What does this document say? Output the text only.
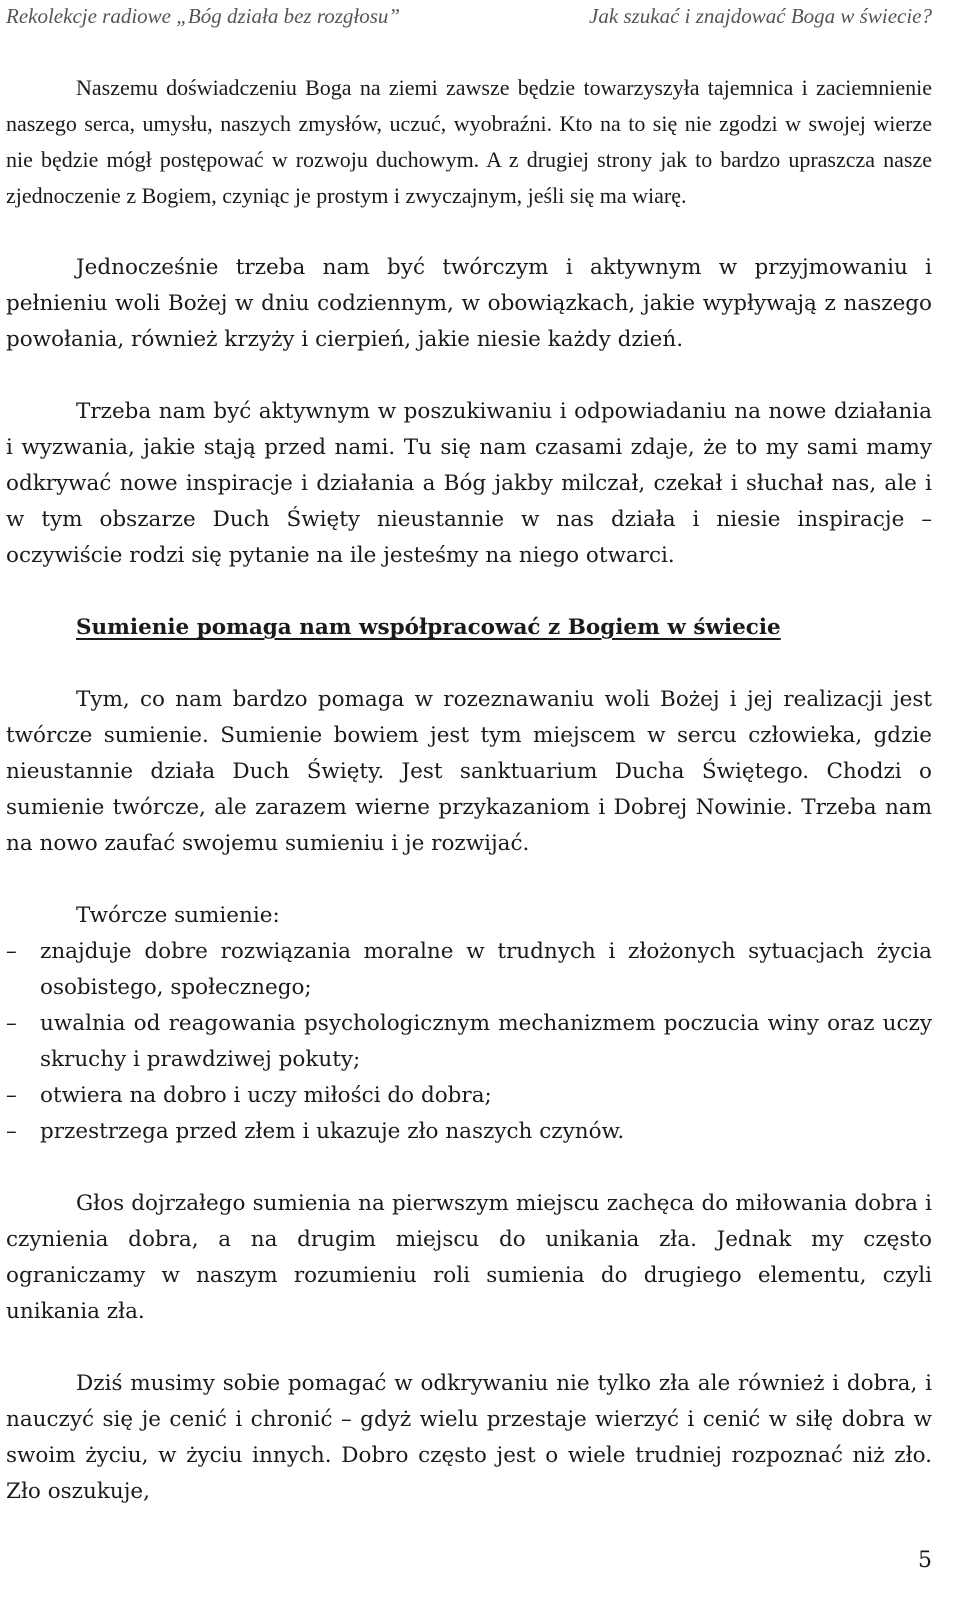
Rekolekcje radiowe „Bóg działa bez rozgłosu”	Jak szukać i znajdować Boga w świecie?

Naszemu doświadczeniu Boga na ziemi zawsze będzie towarzyszyła tajemnica i zaciemnienie naszego serca, umysłu, naszych zmysłów, uczuć, wyobraźni. Kto na to się nie zgodzi w swojej wierze nie będzie mógł postępować w rozwoju duchowym. A z drugiej strony jak to bardzo upraszcza nasze zjednoczenie z Bogiem, czyniąc je prostym i zwyczajnym, jeśli się ma wiarę.

Jednocześnie trzeba nam być twórczym i aktywnym w przyjmowaniu i pełnieniu woli Bożej w dniu codziennym, w obowiązkach, jakie wypływają z naszego powołania, również krzyży i cierpień, jakie niesie każdy dzień.

Trzeba nam być aktywnym w poszukiwaniu i odpowiadaniu na nowe działania i wyzwania, jakie stają przed nami. Tu się nam czasami zdaje, że to my sami mamy odkrywać nowe inspiracje i działania a Bóg jakby milczał, czekał i słuchał nas, ale i w tym obszarze Duch Święty nieustannie w nas działa i niesie inspiracje – oczywiście rodzi się pytanie na ile jesteśmy na niego otwarci.

Sumienie pomaga nam współpracować z Bogiem w świecie

Tym, co nam bardzo pomaga w rozeznawaniu woli Bożej i jej realizacji jest twórcze sumienie. Sumienie bowiem jest tym miejscem w sercu człowieka, gdzie nieustannie działa Duch Święty. Jest sanktuarium Ducha Świętego. Chodzi o sumienie twórcze, ale zarazem wierne przykazaniom i Dobrej Nowinie. Trzeba nam na nowo zaufać swojemu sumieniu i je rozwijać.

Twórcze sumienie:

– znajduje dobre rozwiązania moralne w trudnych i złożonych sytuacjach życia osobistego, społecznego;
– uwalnia od reagowania psychologicznym mechanizmem poczucia winy oraz uczy skruchy i prawdziwej pokuty;
– otwiera na dobro i uczy miłości do dobra;
– przestrzega przed złem i ukazuje zło naszych czynów.

Głos dojrzałego sumienia na pierwszym miejscu zachęca do miłowania dobra i czynienia dobra, a na drugim miejscu do unikania zła. Jednak my często ograniczamy w naszym rozumieniu roli sumienia do drugiego elementu, czyli unikania zła.

Dziś musimy sobie pomagać w odkrywaniu nie tylko zła ale również i dobra, i nauczyć się je cenić i chronić – gdyż wielu przestaje wierzyć i cenić w siłę dobra w swoim życiu, w życiu innych. Dobro często jest o wiele trudniej rozpoznać niż zło. Zło oszukuje,

5
